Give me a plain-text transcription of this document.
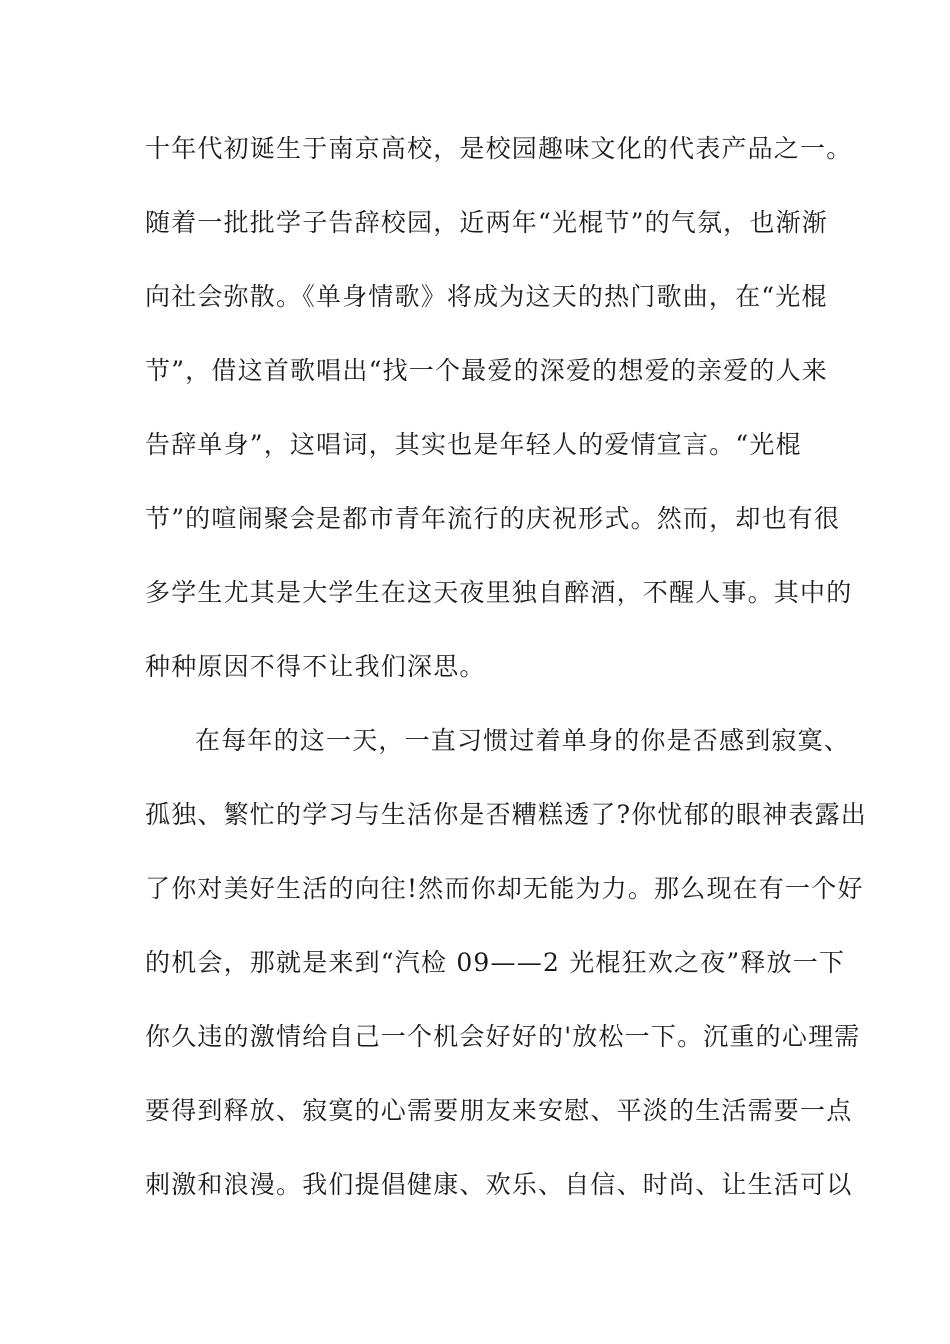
十年代初诞生于南京高校，是校园趣味文化的代表产品之一。
随着一批批学子告辞校园，近两年“光棍节”的气氛，也渐渐
向社会弥散。《单身情歌》将成为这天的热门歌曲，在“光棍
节”，借这首歌唱出“找一个最爱的深爱的想爱的亲爱的人来
告辞单身”，这唱词，其实也是年轻人的爱情宣言。“光棍
节”的喧闹聚会是都市青年流行的庆祝形式。然而，却也有很
多学生尤其是大学生在这天夜里独自醉酒，不醒人事。其中的
种种原因不得不让我们深思。
在每年的这一天，一直习惯过着单身的你是否感到寂寞、
孤独、繁忙的学习与生活你是否糟糕透了?你忧郁的眼神表露出
了你对美好生活的向往!然而你却无能为力。那么现在有一个好
的机会，那就是来到“汽检 09——2 光棍狂欢之夜”释放一下
你久违的激情给自己一个机会好好的'放松一下。沉重的心理需
要得到释放、寂寞的心需要朋友来安慰、平淡的生活需要一点
刺激和浪漫。我们提倡健康、欢乐、自信、时尚、让生活可以
